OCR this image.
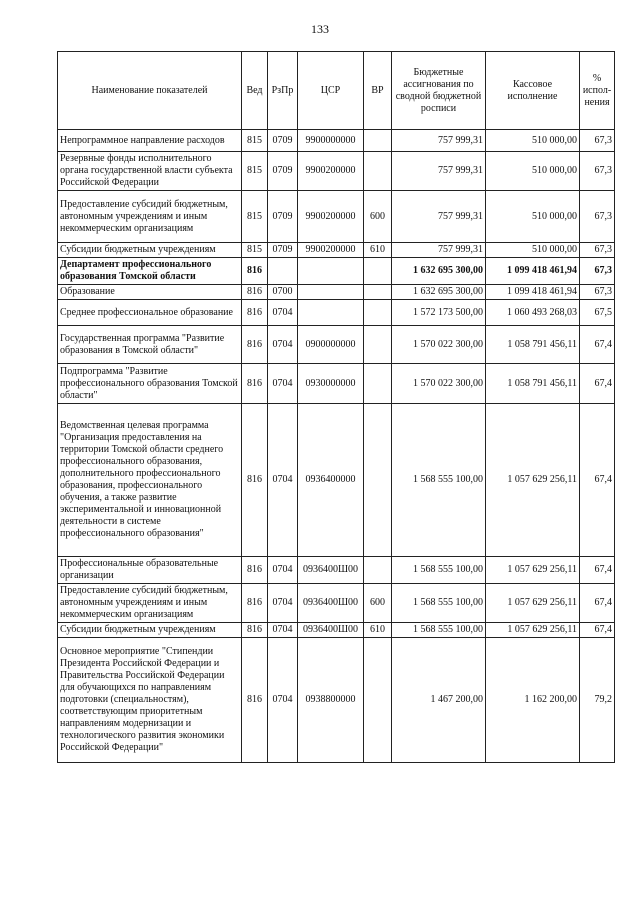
133
Наименование показателей	Вед	РзПр	ЦСР	ВР	Бюджетные ассигнования по сводной бюджетной росписи	Кассовое исполнение	% испол-нения
Непрограммное направление расходов	815	0709	9900000000		757 999,31	510 000,00	67,3
Резервные фонды исполнительного органа государственной власти субъекта Российской Федерации	815	0709	9900200000		757 999,31	510 000,00	67,3
Предоставление субсидий бюджетным, автономным учреждениям и иным некоммерческим организациям	815	0709	9900200000	600	757 999,31	510 000,00	67,3
Субсидии бюджетным учреждениям	815	0709	9900200000	610	757 999,31	510 000,00	67,3
Департамент профессионального образования Томской области	816				1 632 695 300,00	1 099 418 461,94	67,3
Образование	816	0700			1 632 695 300,00	1 099 418 461,94	67,3
Среднее профессиональное образование	816	0704			1 572 173 500,00	1 060 493 268,03	67,5
Государственная программа "Развитие образования в Томской области"	816	0704	0900000000		1 570 022 300,00	1 058 791 456,11	67,4
Подпрограмма "Развитие профессионального образования Томской области"	816	0704	0930000000		1 570 022 300,00	1 058 791 456,11	67,4
Ведомственная целевая программа "Организация предоставления на территории Томской области среднего профессионального образования, дополнительного профессионального образования, профессионального обучения, а также развитие экспериментальной и инновационной деятельности в системе профессионального образования"	816	0704	0936400000		1 568 555 100,00	1 057 629 256,11	67,4
Профессиональные образовательные организации	816	0704	0936400Ш00		1 568 555 100,00	1 057 629 256,11	67,4
Предоставление субсидий бюджетным, автономным учреждениям и иным некоммерческим организациям	816	0704	0936400Ш00	600	1 568 555 100,00	1 057 629 256,11	67,4
Субсидии бюджетным учреждениям	816	0704	0936400Ш00	610	1 568 555 100,00	1 057 629 256,11	67,4
Основное мероприятие "Стипендии Президента Российской Федерации и Правительства Российской Федерации для обучающихся по направлениям подготовки (специальностям), соответствующим приоритетным направлениям модернизации и технологического развития экономики Российской Федерации"	816	0704	0938800000		1 467 200,00	1 162 200,00	79,2
